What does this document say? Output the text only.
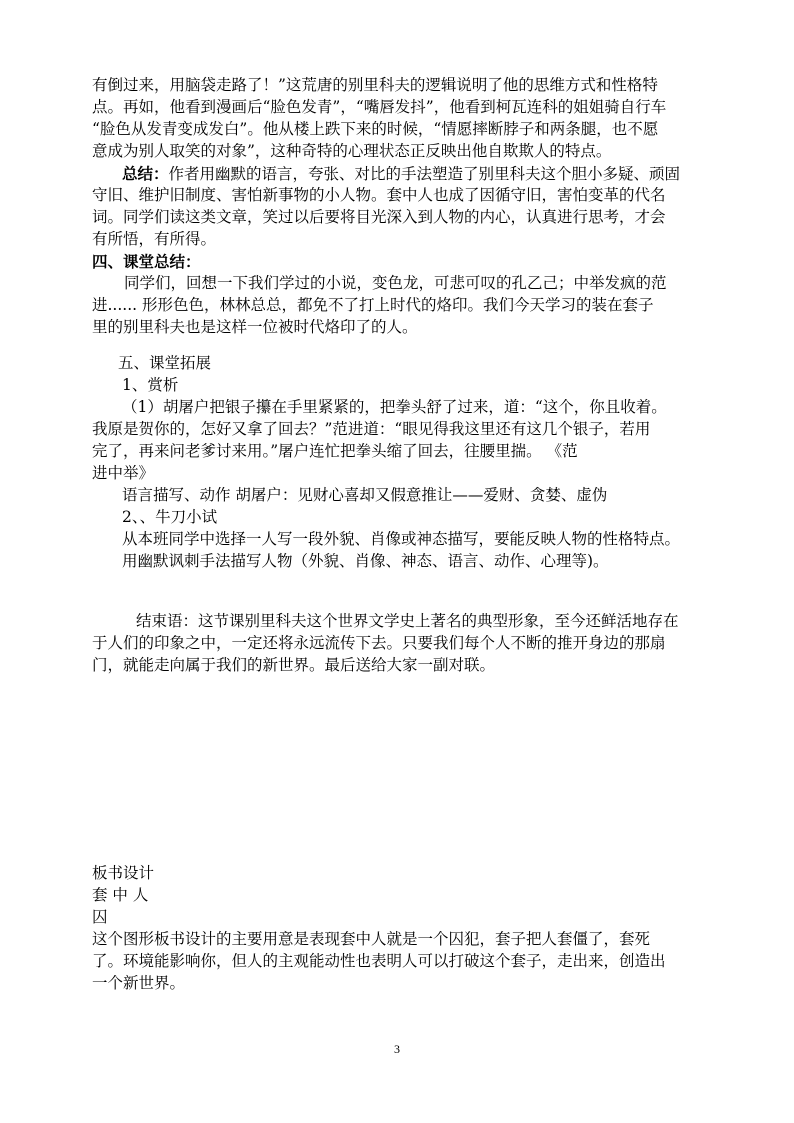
有倒过来，用脑袋走路了！”这荒唐的别里科夫的逻辑说明了他的思维方式和性格特
点。再如，他看到漫画后“脸色发青”，“嘴唇发抖”，他看到柯瓦连科的姐姐骑自行车
“脸色从发青变成发白”。他从楼上跌下来的时候，“情愿摔断脖子和两条腿，也不愿
意成为别人取笑的对象”，这种奇特的心理状态正反映出他自欺欺人的特点。
总结：作者用幽默的语言，夸张、对比的手法塑造了别里科夫这个胆小多疑、顽固
守旧、维护旧制度、害怕新事物的小人物。套中人也成了因循守旧，害怕变革的代名
词。同学们读这类文章，笑过以后要将目光深入到人物的内心，认真进行思考，才会
有所悟，有所得。
四、课堂总结：
同学们，回想一下我们学过的小说，变色龙，可悲可叹的孔乙己；中举发疯的范
进...... 形形色色，林林总总，都免不了打上时代的烙印。我们今天学习的装在套子
里的别里科夫也是这样一位被时代烙印了的人。
五、课堂拓展
1、赏析
（1）胡屠户把银子攥在手里紧紧的，把拳头舒了过来，道：“这个，你且收着。
我原是贺你的，怎好又拿了回去？”范进道：“眼见得我这里还有这几个银子，若用
完了，再来问老爹讨来用。”屠户连忙把拳头缩了回去，往腰里揣。 《范
进中举》
语言描写、动作 胡屠户：见财心喜却又假意推让——爱财、贪婪、虚伪
2、、牛刀小试
从本班同学中选择一人写一段外貌、肖像或神态描写，要能反映人物的性格特点。
用幽默讽刺手法描写人物（外貌、肖像、神态、语言、动作、心理等)。
结束语：这节课别里科夫这个世界文学史上著名的典型形象，至今还鲜活地存在
于人们的印象之中，一定还将永远流传下去。只要我们每个人不断的推开身边的那扇
门，就能走向属于我们的新世界。最后送给大家一副对联。
板书设计
套 中 人
囚
这个图形板书设计的主要用意是表现套中人就是一个囚犯，套子把人套僵了，套死
了。环境能影响你，但人的主观能动性也表明人可以打破这个套子，走出来，创造出
一个新世界。
3
